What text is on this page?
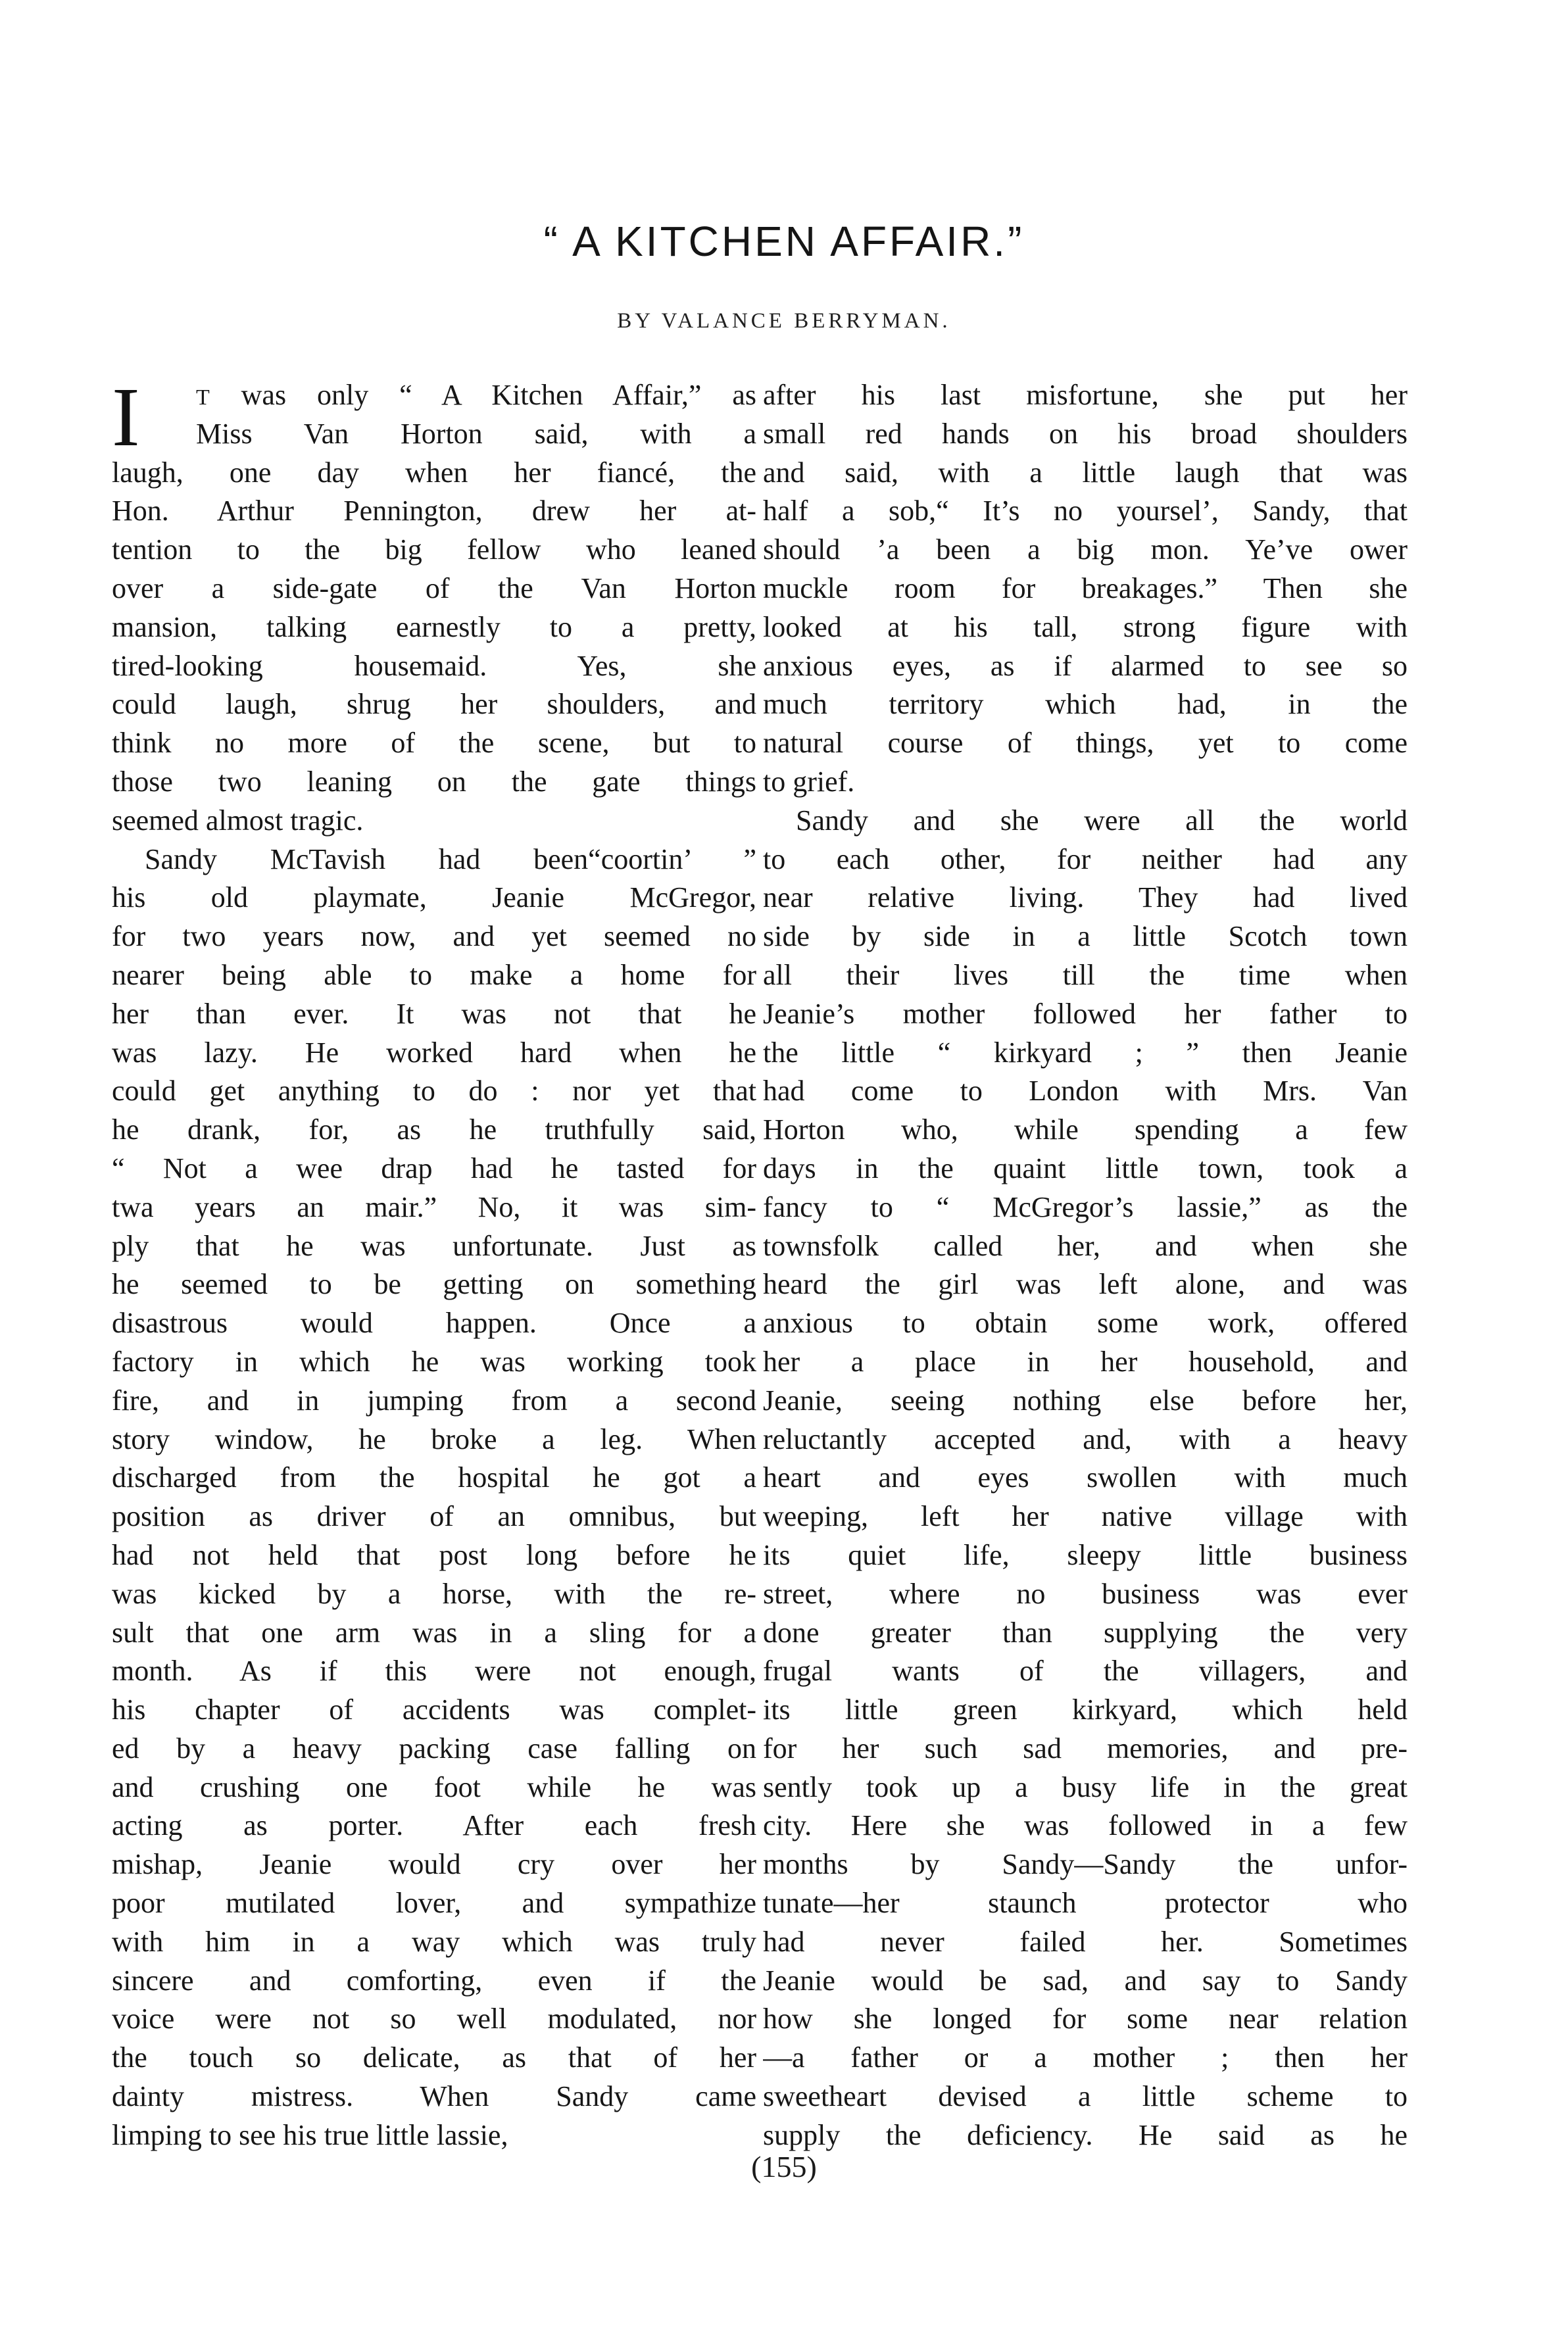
“ A KITCHEN AFFAIR.”
BY VALANCE BERRYMAN.
I	T was only “ A Kitchen Affair,” as
Miss Van Horton said, with a
laugh, one day when her fiancé, the
Hon. Arthur Pennington, drew her at-
tention to the big fellow who leaned
over a side-gate of the Van Horton
mansion, talking earnestly to a pretty,
tired-looking housemaid. Yes, she
could laugh, shrug her shoulders, and
think no more of the scene, but to
those two leaning on the gate things
seemed almost tragic.
Sandy McTavish had been“coortin’ ”
his old playmate, Jeanie McGregor,
for two years now, and yet seemed no
nearer being able to make a home for
her than ever. It was not that he
was lazy. He worked hard when he
could get anything to do : nor yet that
he drank, for, as he truthfully said,
“ Not a wee drap had he tasted for
twa years an mair.” No, it was sim-
ply that he was unfortunate. Just as
he seemed to be getting on something
disastrous would happen. Once a
factory in which he was working took
fire, and in jumping from a second
story window, he broke a leg. When
discharged from the hospital he got a
position as driver of an omnibus, but
had not held that post long before he
was kicked by a horse, with the re-
sult that one arm was in a sling for a
month. As if this were not enough,
his chapter of accidents was complet-
ed by a heavy packing case falling on
and crushing one foot while he was
acting as porter. After each fresh
mishap, Jeanie would cry over her
poor mutilated lover, and sympathize
with him in a way which was truly
sincere and comforting, even if the
voice were not so well modulated, nor
the touch so delicate, as that of her
dainty mistress. When Sandy came
limping to see his true little lassie,
after his last misfortune, she put her
small red hands on his broad shoulders
and said, with a little laugh that was
half a sob,“ It’s no yoursel’, Sandy, that
should ’a been a big mon. Ye’ve ower
muckle room for breakages.” Then she
looked at his tall, strong figure with
anxious eyes, as if alarmed to see so
much territory which had, in the
natural course of things, yet to come
to grief.
Sandy and she were all the world
to each other, for neither had any
near relative living. They had lived
side by side in a little Scotch town
all their lives till the time when
Jeanie’s mother followed her father to
the little “ kirkyard ; ” then Jeanie
had come to London with Mrs. Van
Horton who, while spending a few
days in the quaint little town, took a
fancy to “ McGregor’s lassie,” as the
townsfolk called her, and when she
heard the girl was left alone, and was
anxious to obtain some work, offered
her a place in her household, and
Jeanie, seeing nothing else before her,
reluctantly accepted and, with a heavy
heart and eyes swollen with much
weeping, left her native village with
its quiet life, sleepy little business
street, where no business was ever
done greater than supplying the very
frugal wants of the villagers, and
its little green kirkyard, which held
for her such sad memories, and pre-
sently took up a busy life in the great
city. Here she was followed in a few
months by Sandy—Sandy the unfor-
tunate—her staunch protector who
had never failed her. Sometimes
Jeanie would be sad, and say to Sandy
how she longed for some near relation
—a father or a mother ; then her
sweetheart devised a little scheme to
supply the deficiency. He said as he
(155)
